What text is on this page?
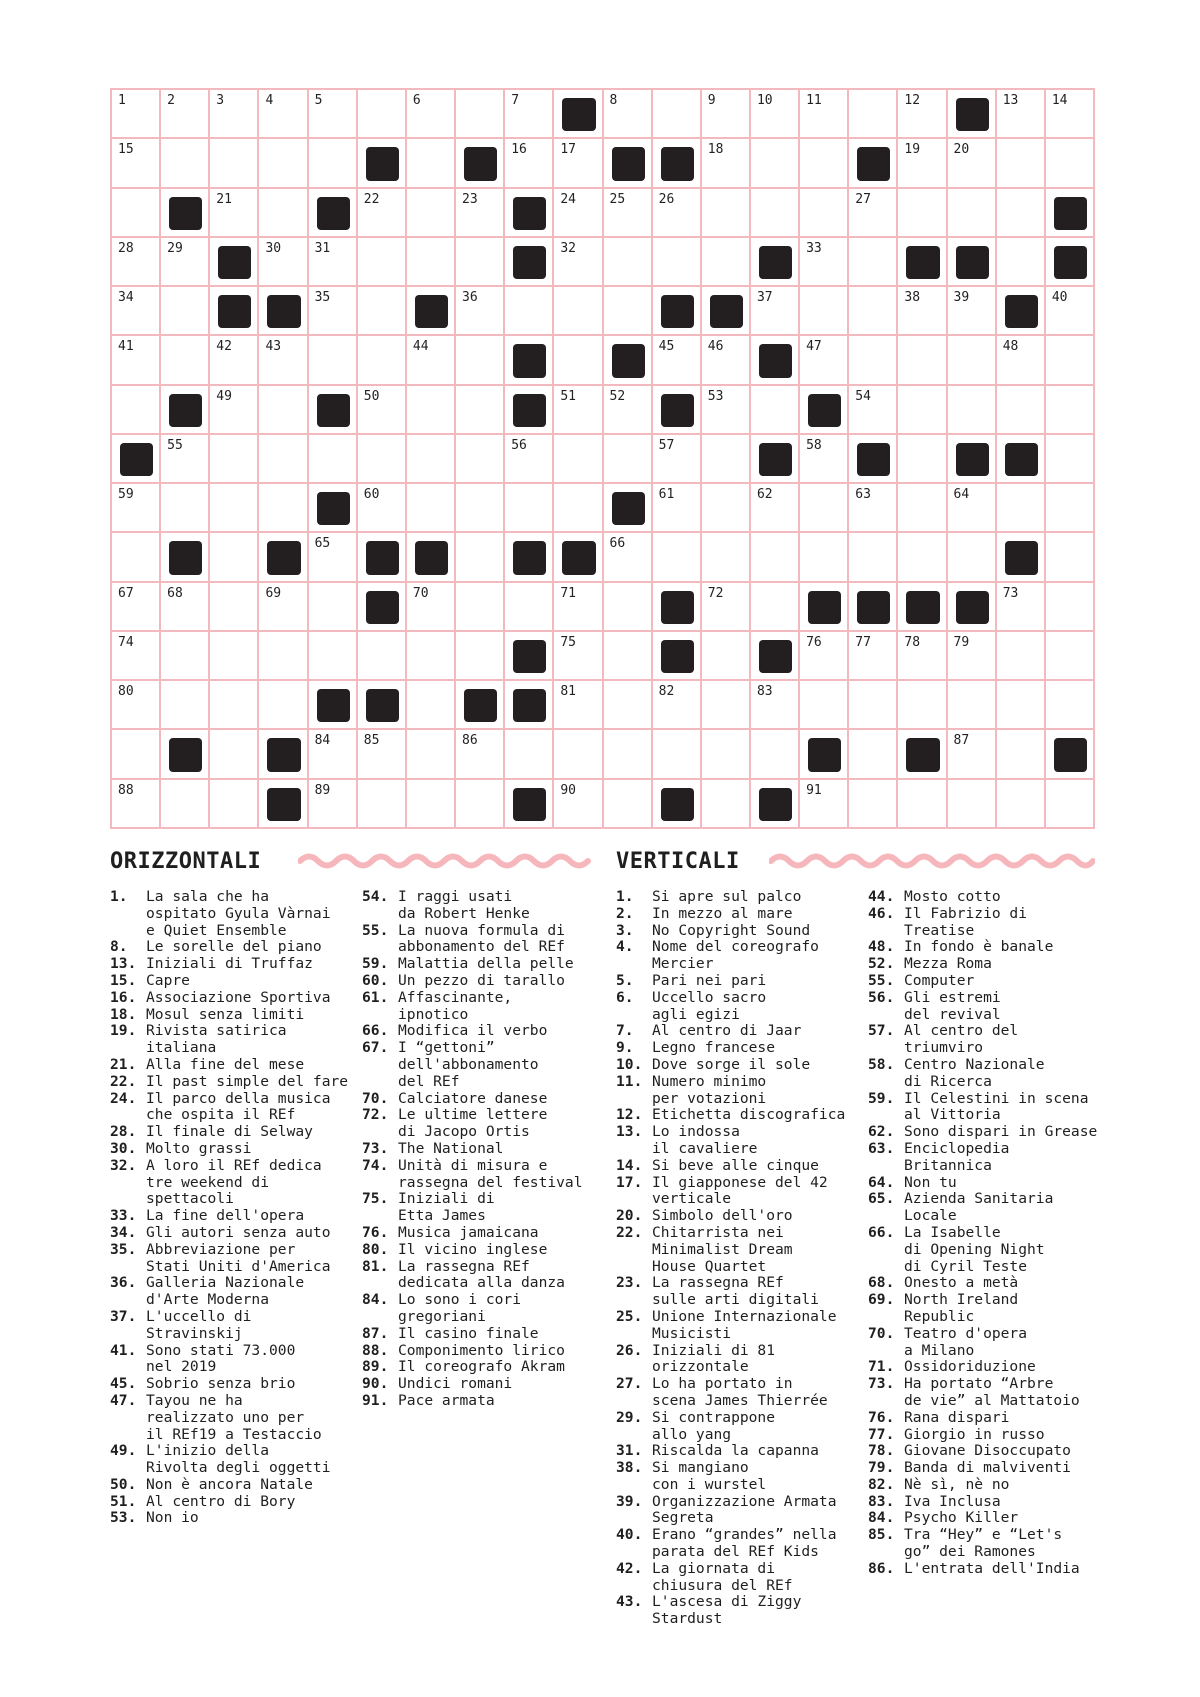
1	2	3	4	5	6	7	8	9	10	11	12	13	14
15	16	17	18	19	20
21	22	23	24	25	26	27
28	29	30	31	32	33
34	35	36	37	38	39	40
41	42	43	44	45	46	47	48
49	50	51	52	53	54
55	56	57	58
59	60	61	62	63	64
65	66
67	68	69	70	71	72	73
74	75	76	77	78	79
80	81	82	83
84	85	86	87
88	89	90	91
ORIZZONTALI	VERTICALI
1.	La sala che ha
ospitato Gyula Vàrnai
e Quiet Ensemble
8.	Le sorelle del piano
13. Iniziali di Truffaz
15. Capre
16. Associazione Sportiva
18. Mosul senza limiti
19. Rivista satirica
italiana
21. Alla fine del mese
22. Il past simple del fare
24. Il parco della musica
che ospita il REf
28. Il finale di Selway
30. Molto grassi
32. A loro il REf dedica
tre weekend di
spettacoli
33. La fine dell'opera
34. Gli autori senza auto
35. Abbreviazione per
Stati Uniti d'America
36. Galleria Nazionale
d'Arte Moderna
37. L'uccello di
Stravinskij
41. Sono stati 73.000
nel 2019
45. Sobrio senza brio
47. Tayou ne ha
realizzato uno per
il REf19 a Testaccio
49. L'inizio della
Rivolta degli oggetti
50. Non è ancora Natale
51. Al centro di Bory
53. Non io
54. I raggi usati
da Robert Henke
55. La nuova formula di
abbonamento del REf
59. Malattia della pelle
60. Un pezzo di tarallo
61. Affascinante,
ipnotico
66. Modifica il verbo
67. I “gettoni”
dell'abbonamento
del REf
70. Calciatore danese
72. Le ultime lettere
di Jacopo Ortis
73. The National
74. Unità di misura e
rassegna del festival
75. Iniziali di
Etta James
76. Musica jamaicana
80. Il vicino inglese
81. La rassegna REf
dedicata alla danza
84. Lo sono i cori
gregoriani
87. Il casino finale
88. Componimento lirico
89. Il coreografo Akram
90. Undici romani
91. Pace armata
1.	Si apre sul palco
2.	In mezzo al mare
3.	No Copyright Sound
4.	Nome del coreografo
Mercier
5.	Pari nei pari
6.	Uccello sacro
agli egizi
7.	Al centro di Jaar
9.	Legno francese
10. Dove sorge il sole
11. Numero minimo
per votazioni
12. Etichetta discografica
13. Lo indossa
il cavaliere
14. Si beve alle cinque
17. Il giapponese del 42
verticale
20. Simbolo dell'oro
22. Chitarrista nei
Minimalist Dream
House Quartet
23. La rassegna REf
sulle arti digitali
25. Unione Internazionale
Musicisti
26. Iniziali di 81
orizzontale
27. Lo ha portato in
scena James Thierrée
29. Si contrappone
allo yang
31. Riscalda la capanna
38. Si mangiano
con i wurstel
39. Organizzazione Armata
Segreta
40. Erano “grandes” nella
parata del REf Kids
42. La giornata di
chiusura del REf
43. L'ascesa di Ziggy
Stardust
44. Mosto cotto
46. Il Fabrizio di
Treatise
48. In fondo è banale
52. Mezza Roma
55. Computer
56. Gli estremi
del revival
57. Al centro del
triumviro
58. Centro Nazionale
di Ricerca
59. Il Celestini in scena
al Vittoria
62. Sono dispari in Grease
63. Enciclopedia
Britannica
64. Non tu
65. Azienda Sanitaria
Locale
66. La Isabelle
di Opening Night
di Cyril Teste
68. Onesto a metà
69. North Ireland
Republic
70. Teatro d'opera
a Milano
71. Ossidoriduzione
73. Ha portato “Arbre
de vie” al Mattatoio
76. Rana dispari
77. Giorgio in russo
78. Giovane Disoccupato
79. Banda di malviventi
82. Nè sì, nè no
83. Iva Inclusa
84. Psycho Killer
85. Tra “Hey” e “Let's
go” dei Ramones
86. L'entrata dell'India
